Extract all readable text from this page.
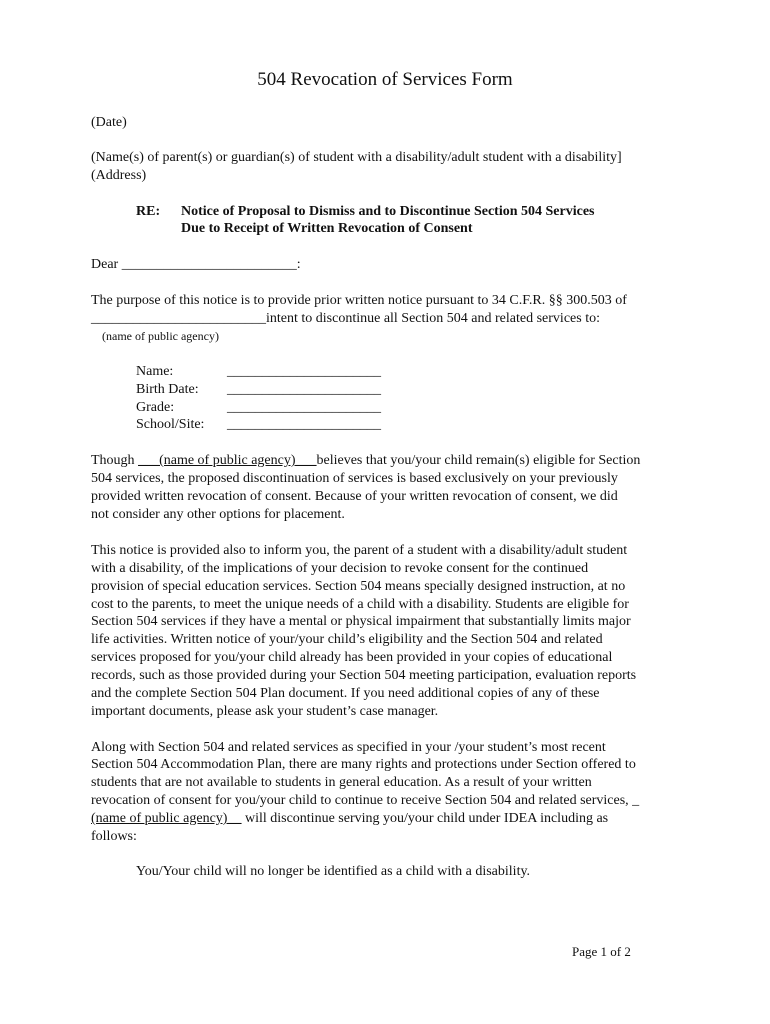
504 Revocation of Services Form
(Date)
(Name(s) of parent(s) or guardian(s) of student with a disability/adult student with a disability]
(Address)
RE: Notice of Proposal to Dismiss and to Discontinue Section 504 Services
Due to Receipt of Written Revocation of Consent
Dear _________________________:
The purpose of this notice is to provide prior written notice pursuant to 34 C.F.R. §§ 300.503 of
_________________________intent to discontinue all Section 504 and related services to:
(name of public agency)
Name:	______________________
Birth Date: ______________________
Grade:	______________________
School/Site: ______________________
Though ___(name of public agency)___believes that you/your child remain(s) eligible for Section
504 services, the proposed discontinuation of services is based exclusively on your previously
provided written revocation of consent. Because of your written revocation of consent, we did
not consider any other options for placement.
This notice is provided also to inform you, the parent of a student with a disability/adult student
with a disability, of the implications of your decision to revoke consent for the continued
provision of special education services. Section 504 means specially designed instruction, at no
cost to the parents, to meet the unique needs of a child with a disability. Students are eligible for
Section 504 services if they have a mental or physical impairment that substantially limits major
life activities. Written notice of your/your child’s eligibility and the Section 504 and related
services proposed for you/your child already has been provided in your copies of educational
records, such as those provided during your Section 504 meeting participation, evaluation reports
and the complete Section 504 Plan document. If you need additional copies of any of these
important documents, please ask your student’s case manager.
Along with Section 504 and related services as specified in your /your student’s most recent
Section 504 Accommodation Plan, there are many rights and protections under Section offered to
students that are not available to students in general education. As a result of your written
revocation of consent for you/your child to continue to receive Section 504 and related services, _
(name of public agency)__ will discontinue serving you/your child under IDEA including as
follows:
You/Your child will no longer be identified as a child with a disability.
Page 1 of 2
